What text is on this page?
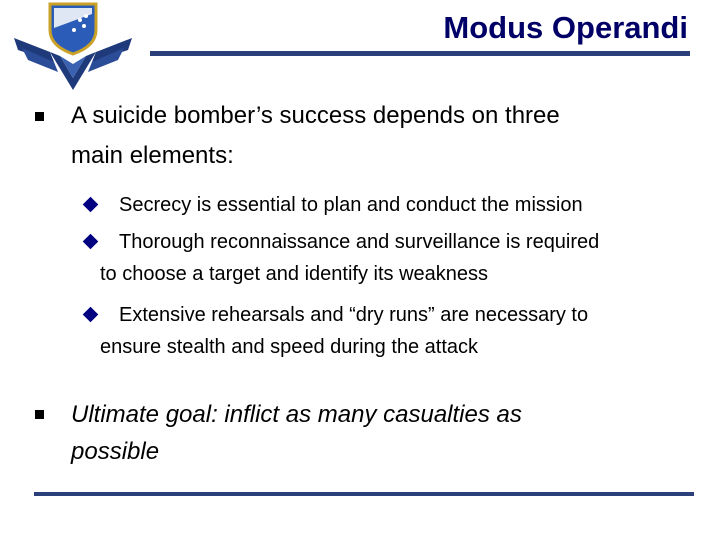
Modus Operandi
A suicide bomber’s success depends on three
main elements:
Secrecy is essential to plan and conduct the mission
Thorough reconnaissance and surveillance is required
to choose a target and identify its weakness
Extensive rehearsals and “dry runs” are necessary to
ensure stealth and speed during the attack
Ultimate goal: inflict as many casualties as
possible
